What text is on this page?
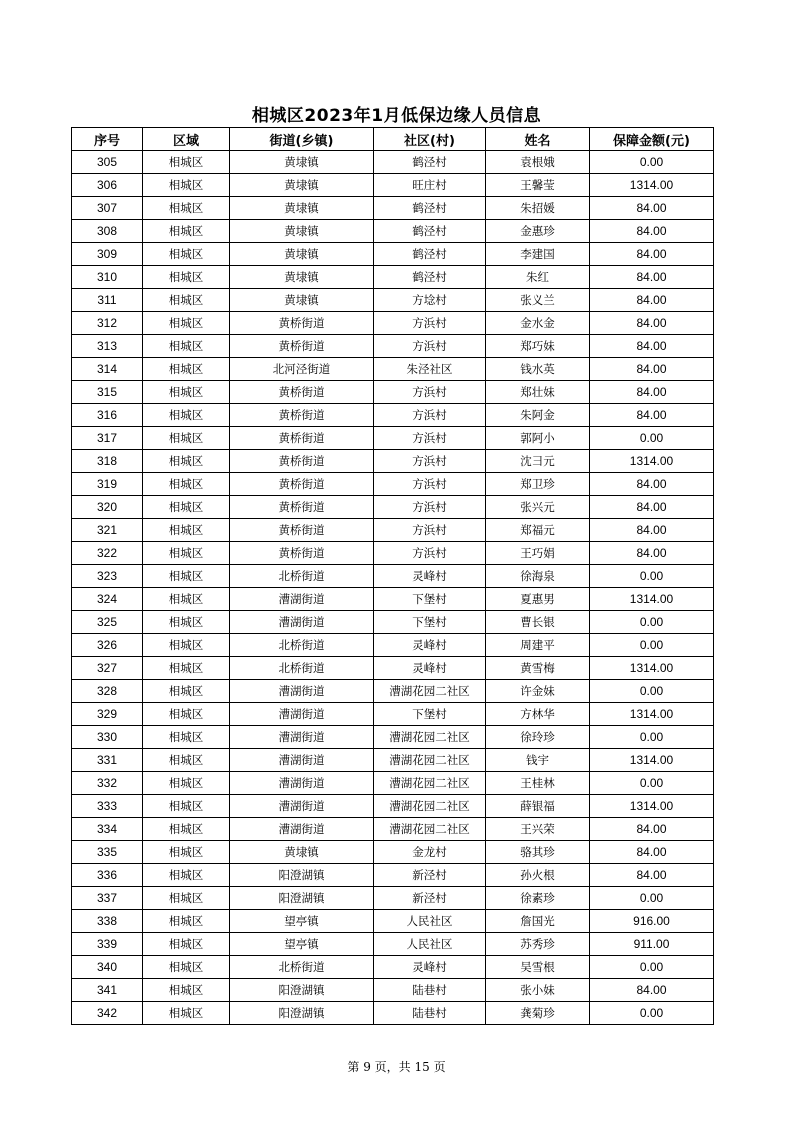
相城区2023年1月低保边缘人员信息
序号	区域	街道(乡镇)	社区(村)	姓名	保障金额(元)
305	相城区	黄埭镇	鹤泾村	袁根娥	0.00
306	相城区	黄埭镇	旺庄村	王馨莹	1314.00
307	相城区	黄埭镇	鹤泾村	朱招媛	84.00
308	相城区	黄埭镇	鹤泾村	金惠珍	84.00
309	相城区	黄埭镇	鹤泾村	李建国	84.00
310	相城区	黄埭镇	鹤泾村	朱红	84.00
311	相城区	黄埭镇	方埝村	张义兰	84.00
312	相城区	黄桥街道	方浜村	金水金	84.00
313	相城区	黄桥街道	方浜村	郑巧妹	84.00
314	相城区	北河泾街道	朱泾社区	钱水英	84.00
315	相城区	黄桥街道	方浜村	郑壮妹	84.00
316	相城区	黄桥街道	方浜村	朱阿金	84.00
317	相城区	黄桥街道	方浜村	郭阿小	0.00
318	相城区	黄桥街道	方浜村	沈彐元	1314.00
319	相城区	黄桥街道	方浜村	郑卫珍	84.00
320	相城区	黄桥街道	方浜村	张兴元	84.00
321	相城区	黄桥街道	方浜村	郑福元	84.00
322	相城区	黄桥街道	方浜村	王巧娟	84.00
323	相城区	北桥街道	灵峰村	徐海泉	0.00
324	相城区	漕湖街道	下堡村	夏惠男	1314.00
325	相城区	漕湖街道	下堡村	曹长银	0.00
326	相城区	北桥街道	灵峰村	周建平	0.00
327	相城区	北桥街道	灵峰村	黄雪梅	1314.00
328	相城区	漕湖街道	漕湖花园二社区	许金妹	0.00
329	相城区	漕湖街道	下堡村	方林华	1314.00
330	相城区	漕湖街道	漕湖花园二社区	徐玲珍	0.00
331	相城区	漕湖街道	漕湖花园二社区	钱宇	1314.00
332	相城区	漕湖街道	漕湖花园二社区	王桂林	0.00
333	相城区	漕湖街道	漕湖花园二社区	薛银福	1314.00
334	相城区	漕湖街道	漕湖花园二社区	王兴荣	84.00
335	相城区	黄埭镇	金龙村	骆其珍	84.00
336	相城区	阳澄湖镇	新泾村	孙火根	84.00
337	相城区	阳澄湖镇	新泾村	徐素珍	0.00
338	相城区	望亭镇	人民社区	詹国光	916.00
339	相城区	望亭镇	人民社区	苏秀珍	911.00
340	相城区	北桥街道	灵峰村	吴雪根	0.00
341	相城区	阳澄湖镇	陆巷村	张小妹	84.00
342	相城区	阳澄湖镇	陆巷村	龚菊珍	0.00
第 9 页，共 15 页
